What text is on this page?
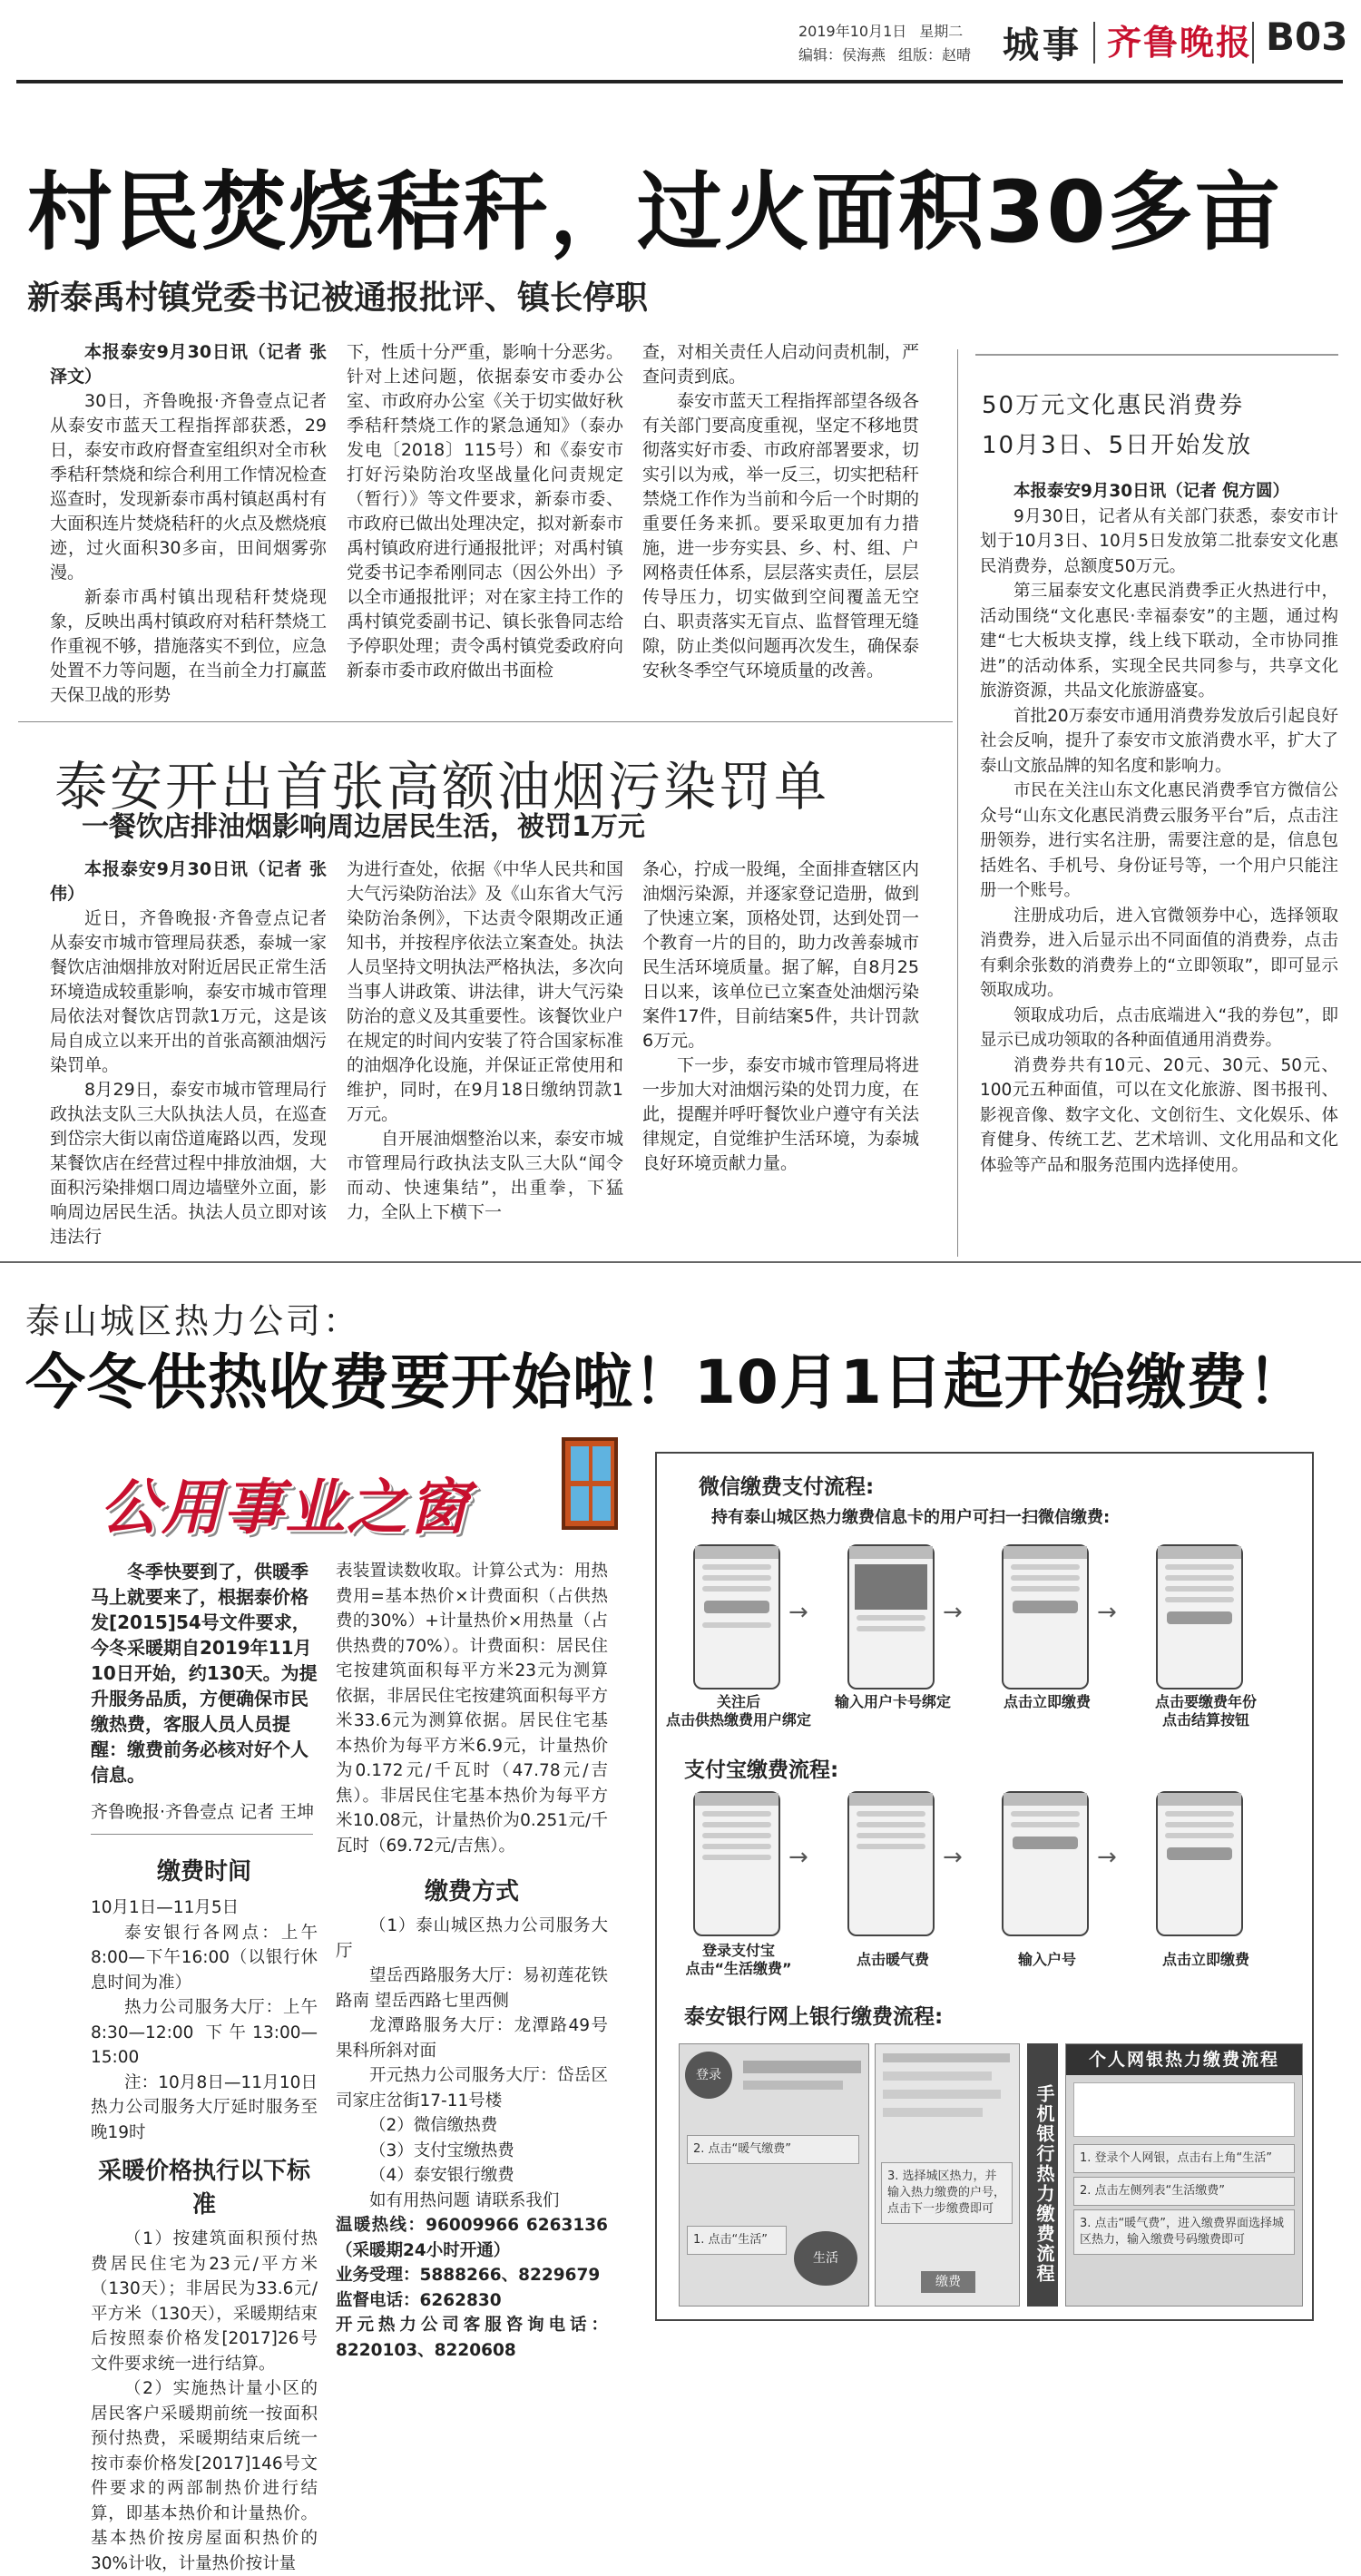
2019年10月1日 星期二
编辑：侯海燕 组版：赵晴 城事 齐鲁晚报 B03
村民焚烧秸秆，过火面积30多亩
新泰禹村镇党委书记被通报批评、镇长停职

本报泰安9月30日讯（记者 张泽文）

30日，齐鲁晚报·齐鲁壹点记者从泰安市蓝天工程指挥部获悉，29日，泰安市政府督查室组织对全市秋季秸秆禁烧和综合利用工作情况检查巡查时，发现新泰市禹村镇赵禹村有大面积连片焚烧秸秆的火点及燃烧痕迹，过火面积30多亩，田间烟雾弥漫。

新泰市禹村镇出现秸秆焚烧现象，反映出禹村镇政府对秸秆禁烧工作重视不够，措施落实不到位，应急处置不力等问题，在当前全力打赢蓝天保卫战的形势

下，性质十分严重，影响十分恶劣。针对上述问题，依据泰安市委办公室、市政府办公室《关于切实做好秋季秸秆禁烧工作的紧急通知》（泰办发电〔2018〕115号）和《泰安市打好污染防治攻坚战量化问责规定（暂行）》等文件要求，新泰市委、市政府已做出处理决定，拟对新泰市禹村镇政府进行通报批评；对禹村镇党委书记李希刚同志（因公外出）予以全市通报批评；对在家主持工作的禹村镇党委副书记、镇长张鲁同志给予停职处理；责令禹村镇党委政府向新泰市委市政府做出书面检

查，对相关责任人启动问责机制，严查问责到底。

泰安市蓝天工程指挥部望各级各有关部门要高度重视，坚定不移地贯彻落实好市委、市政府部署要求，切实引以为戒，举一反三，切实把秸秆禁烧工作作为当前和今后一个时期的重要任务来抓。要采取更加有力措施，进一步夯实县、乡、村、组、户网格责任体系，层层落实责任，层层传导压力，切实做到空间覆盖无空白、职责落实无盲点、监督管理无缝隙，防止类似问题再次发生，确保泰安秋冬季空气环境质量的改善。

50万元文化惠民消费券
10月3日、5日开始发放

本报泰安9月30日讯（记者 倪方圆）

9月30日，记者从有关部门获悉，泰安市计划于10月3日、10月5日发放第二批泰安文化惠民消费券，总额度50万元。

第三届泰安文化惠民消费季正火热进行中，活动围绕“文化惠民·幸福泰安”的主题，通过构建“七大板块支撑，线上线下联动，全市协同推进”的活动体系，实现全民共同参与，共享文化旅游资源，共品文化旅游盛宴。

首批20万泰安市通用消费券发放后引起良好社会反响，提升了泰安市文旅消费水平，扩大了泰山文旅品牌的知名度和影响力。

市民在关注山东文化惠民消费季官方微信公众号“山东文化惠民消费云服务平台”后，点击注册领券，进行实名注册，需要注意的是，信息包括姓名、手机号、身份证号等，一个用户只能注册一个账号。

注册成功后，进入官微领券中心，选择领取消费券，进入后显示出不同面值的消费券，点击有剩余张数的消费券上的“立即领取”，即可显示领取成功。

领取成功后，点击底端进入“我的券包”，即显示已成功领取的各种面值通用消费券。

消费券共有10元、20元、30元、50元、100元五种面值，可以在文化旅游、图书报刊、影视音像、数字文化、文创衍生、文化娱乐、体育健身、传统工艺、艺术培训、文化用品和文化体验等产品和服务范围内选择使用。

泰安开出首张高额油烟污染罚单
一餐饮店排油烟影响周边居民生活，被罚1万元

本报泰安9月30日讯（记者 张伟）

近日，齐鲁晚报·齐鲁壹点记者从泰安市城市管理局获悉，泰城一家餐饮店油烟排放对附近居民正常生活环境造成较重影响，泰安市城市管理局依法对餐饮店罚款1万元，这是该局自成立以来开出的首张高额油烟污染罚单。

8月29日，泰安市城市管理局行政执法支队三大队执法人员，在巡查到岱宗大街以南岱道庵路以西，发现某餐饮店在经营过程中排放油烟，大面积污染排烟口周边墙壁外立面，影响周边居民生活。执法人员立即对该违法行

为进行查处，依据《中华人民共和国大气污染防治法》及《山东省大气污染防治条例》，下达责令限期改正通知书，并按程序依法立案查处。执法人员坚持文明执法严格执法，多次向当事人讲政策、讲法律，讲大气污染防治的意义及其重要性。该餐饮业户在规定的时间内安装了符合国家标准的油烟净化设施，并保证正常使用和维护，同时，在9月18日缴纳罚款1万元。

自开展油烟整治以来，泰安市城市管理局行政执法支队三大队“闻令而动、快速集结”，出重拳，下猛力，全队上下横下一

条心，拧成一股绳，全面排查辖区内油烟污染源，并逐家登记造册，做到了快速立案，顶格处罚，达到处罚一个教育一片的目的，助力改善泰城市民生活环境质量。据了解，自8月25日以来，该单位已立案查处油烟污染案件17件，目前结案5件，共计罚款6万元。

下一步，泰安市城市管理局将进一步加大对油烟污染的处罚力度，在此，提醒并呼吁餐饮业户遵守有关法律规定，自觉维护生活环境，为泰城良好环境贡献力量。

泰山城区热力公司：
今冬供热收费要开始啦！10月1日起开始缴费！
公用事业之窗

冬季快要到了，供暖季马上就要来了，根据泰价格发[2015]54号文件要求，今冬采暖期自2019年11月10日开始，约130天。为提升服务品质，方便确保市民缴热费，客服人员人员提醒：缴费前务必核对好个人信息。

齐鲁晚报·齐鲁壹点 记者 王坤

缴费时间

10月1日—11月5日

泰安银行各网点：上午8:00—下午16:00（以银行休息时间为准）

热力公司服务大厅：上午8:30—12:00 下午13:00—15:00

注：10月8日—11月10日热力公司服务大厅延时服务至晚19时

采暖价格执行以下标准

（1）按建筑面积预付热费居民住宅为23元/平方米（130天）；非居民为33.6元/平方米（130天），采暖期结束后按照泰价格发[2017]26号文件要求统一进行结算。

（2）实施热计量小区的居民客户采暖期前统一按面积预付热费，采暖期结束后统一按市泰价格发[2017]146号文件要求的两部制热价进行结算，即基本热价和计量热价。基本热价按房屋面积热价的30%计收，计量热价按计量

表装置读数收取。计算公式为：用热费用=基本热价×计费面积（占供热费的30%）+计量热价×用热量（占供热费的70%）。计费面积：居民住宅按建筑面积每平方米23元为测算依据，非居民住宅按建筑面积每平方米33.6元为测算依据。居民住宅基本热价为每平方米6.9元，计量热价为0.172元/千瓦时（47.78元/吉焦）。非居民住宅基本热价为每平方米10.08元，计量热价为0.251元/千瓦时（69.72元/吉焦）。

缴费方式

（1）泰山城区热力公司服务大厅

望岳西路服务大厅：易初莲花铁路南 望岳西路七里西侧

龙潭路服务大厅：龙潭路49号 果科所斜对面

开元热力公司服务大厅：岱岳区司家庄岔街17-11号楼

（2）微信缴热费

（3）支付宝缴热费

（4）泰安银行缴费

如有用热问题 请联系我们

温暖热线：96009966 6263136（采暖期24小时开通）

业务受理：5888266、8229679

监督电话：6262830

开元热力公司客服咨询电话：8220103、8220608

微信缴费支付流程:
持有泰山城区热力缴费信息卡的用户可扫一扫微信缴费:
→	→	→
关注后
点击供热缴费用户绑定
输入用户卡号绑定	点击立即缴费	点击要缴费年份
点击结算按钮
支付宝缴费流程:
→	→	→
登录支付宝
点击“生活缴费”
点击暖气费	输入户号	点击立即缴费
泰安银行网上银行缴费流程:
登录
2. 点击“暖气缴费”
1. 点击“生活”
生活
3. 选择城区热力，并输入热力缴费的户号，点击下一步缴费即可
缴费	手机银行热力缴费流程
个人网银热力缴费流程
1. 登录个人网银，点击右上角“生活”
2. 点击左侧列表“生活缴费”
3. 点击“暖气费”，进入缴费界面选择城区热力，输入缴费号码缴费即可
